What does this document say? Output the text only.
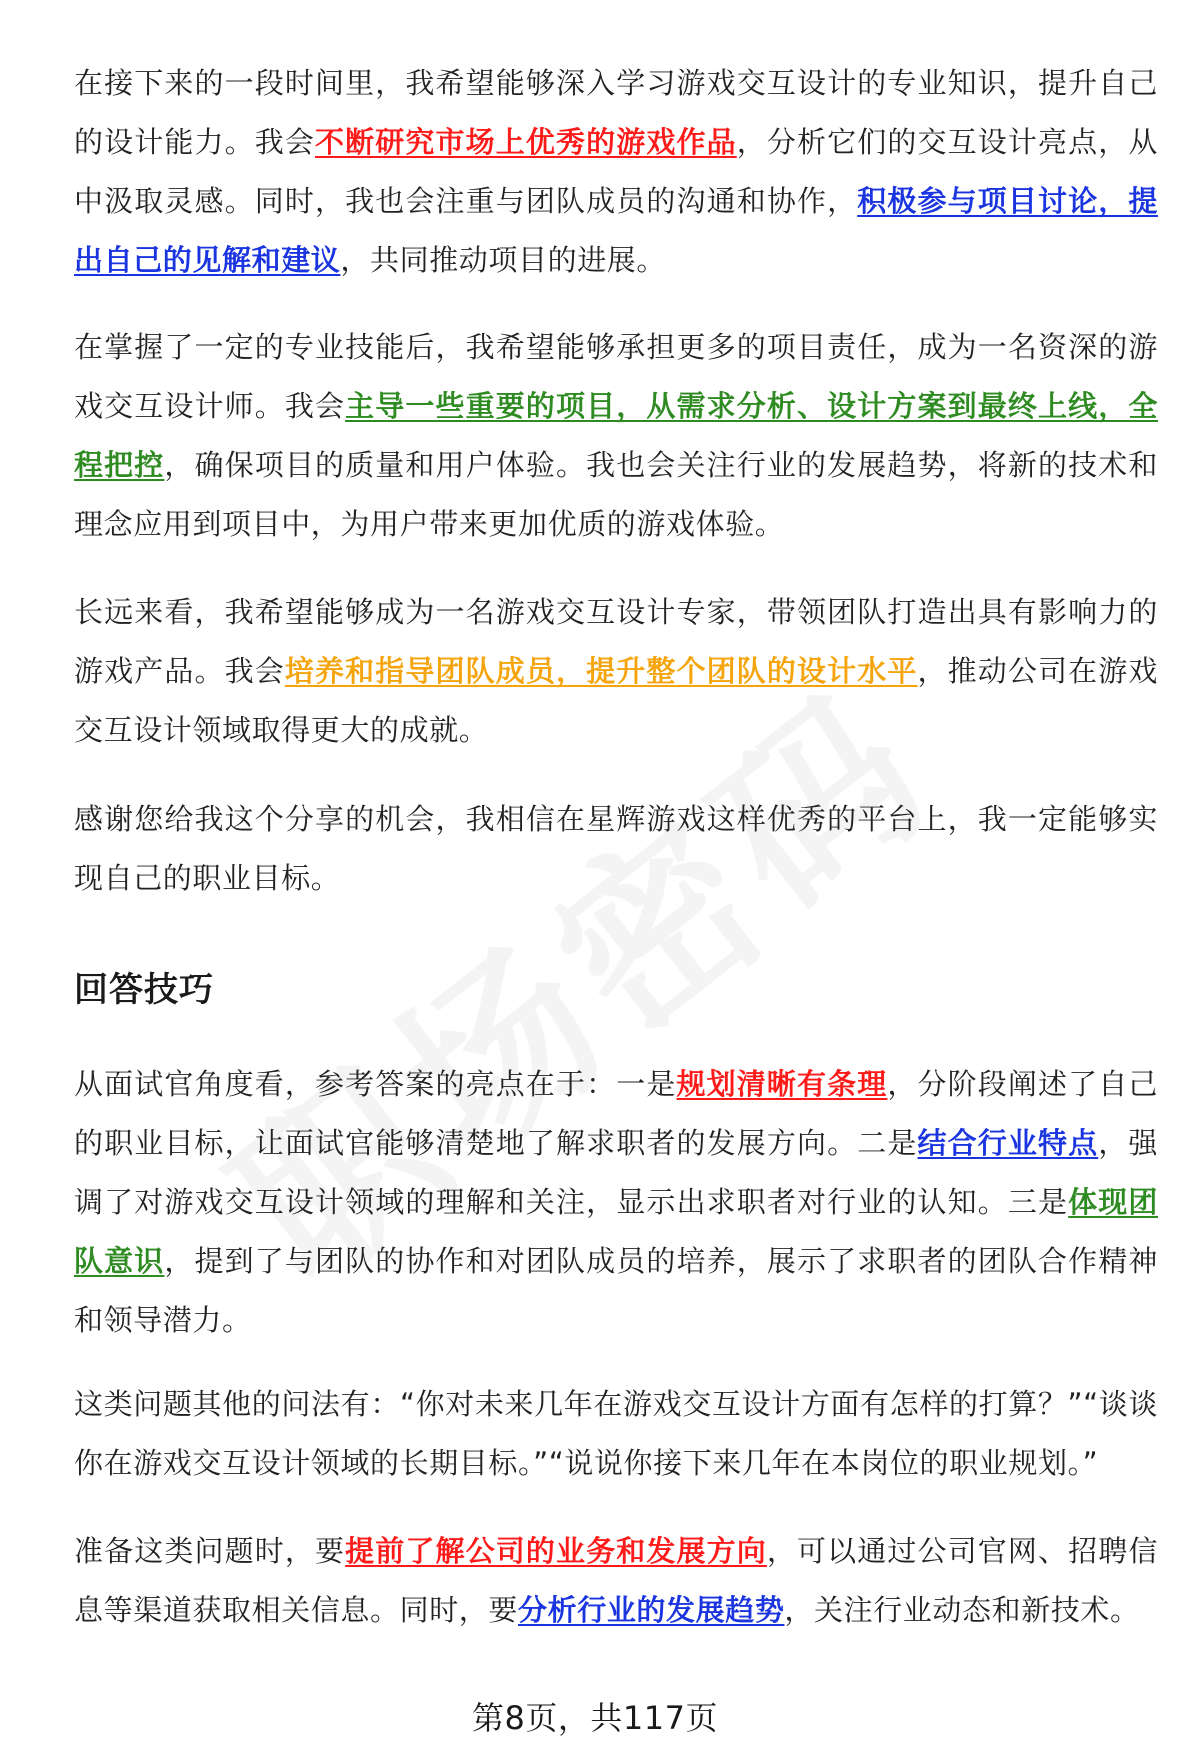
在接下来的一段时间里，我希望能够深入学习游戏交互设计的专业知识，提升自己的设计能力。我会不断研究市场上优秀的游戏作品，分析它们的交互设计亮点，从中汲取灵感。同时，我也会注重与团队成员的沟通和协作，积极参与项目讨论，提出自己的见解和建议，共同推动项目的进展。

在掌握了一定的专业技能后，我希望能够承担更多的项目责任，成为一名资深的游戏交互设计师。我会主导一些重要的项目，从需求分析、设计方案到最终上线，全程把控，确保项目的质量和用户体验。我也会关注行业的发展趋势，将新的技术和理念应用到项目中，为用户带来更加优质的游戏体验。

长远来看，我希望能够成为一名游戏交互设计专家，带领团队打造出具有影响力的游戏产品。我会培养和指导团队成员，提升整个团队的设计水平，推动公司在游戏交互设计领域取得更大的成就。

感谢您给我这个分享的机会，我相信在星辉游戏这样优秀的平台上，我一定能够实现自己的职业目标。

回答技巧

从面试官角度看，参考答案的亮点在于：一是规划清晰有条理，分阶段阐述了自己的职业目标，让面试官能够清楚地了解求职者的发展方向。二是结合行业特点，强调了对游戏交互设计领域的理解和关注，显示出求职者对行业的认知。三是体现团队意识，提到了与团队的协作和对团队成员的培养，展示了求职者的团队合作精神和领导潜力。

这类问题其他的问法有：“你对未来几年在游戏交互设计方面有怎样的打算？”“谈谈你在游戏交互设计领域的长期目标。”“说说你接下来几年在本岗位的职业规划。”

准备这类问题时，要提前了解公司的业务和发展方向，可以通过公司官网、招聘信息等渠道获取相关信息。同时，要分析行业的发展趋势，关注行业动态和新技术。

第8页，共117页
